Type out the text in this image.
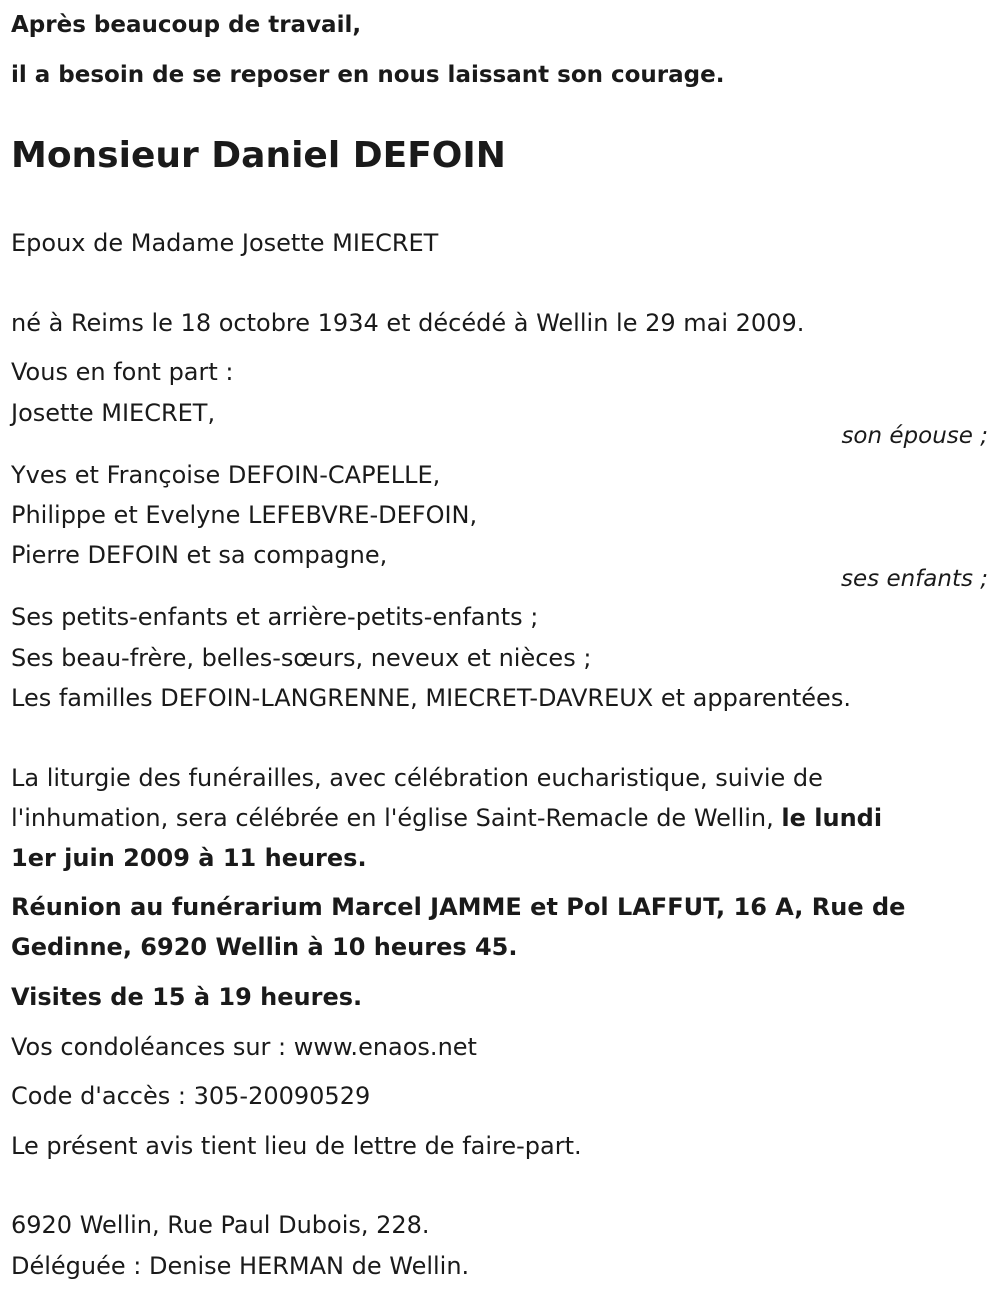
Après beaucoup de travail,
il a besoin de se reposer en nous laissant son courage.
Monsieur Daniel DEFOIN
Epoux de Madame Josette MIECRET
né à Reims le 18 octobre 1934 et décédé à Wellin le 29 mai 2009.
Vous en font part :
Josette MIECRET,
son épouse ;
Yves et Françoise DEFOIN-CAPELLE,
Philippe et Evelyne LEFEBVRE-DEFOIN,
Pierre DEFOIN et sa compagne,
ses enfants ;
Ses petits-enfants et arrière-petits-enfants ;
Ses beau-frère, belles-sœurs, neveux et nièces ;
Les familles DEFOIN-LANGRENNE, MIECRET-DAVREUX et apparentées.
La liturgie des funérailles, avec célébration eucharistique, suivie de
l'inhumation, sera célébrée en l'église Saint-Remacle de Wellin, le lundi
1er juin 2009 à 11 heures.
Réunion au funérarium Marcel JAMME et Pol LAFFUT, 16 A, Rue de
Gedinne, 6920 Wellin à 10 heures 45.
Visites de 15 à 19 heures.
Vos condoléances sur : www.enaos.net
Code d'accès : 305-20090529
Le présent avis tient lieu de lettre de faire-part.
6920 Wellin, Rue Paul Dubois, 228.
Déléguée : Denise HERMAN de Wellin.
